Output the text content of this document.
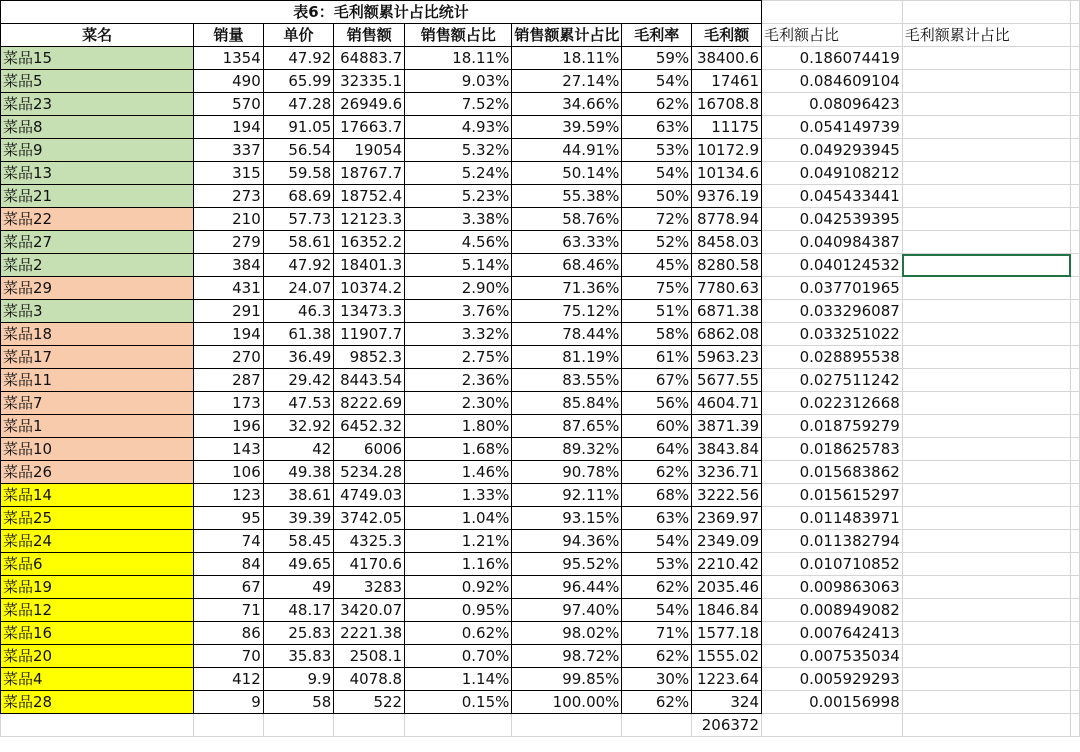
表6：毛利额累计占比统计										
菜名	销量	单价	销售额	销售额占比	销售额累计占比	毛利率	毛利额	毛利额占比	毛利额累计占比	
菜品15	1354	47.92	64883.7	18.11%	18.11%	59%	38400.6	0.186074419		
菜品5	490	65.99	32335.1	9.03%	27.14%	54%	17461	0.084609104		
菜品23	570	47.28	26949.6	7.52%	34.66%	62%	16708.8	0.08096423		
菜品8	194	91.05	17663.7	4.93%	39.59%	63%	11175	0.054149739		
菜品9	337	56.54	19054	5.32%	44.91%	53%	10172.9	0.049293945		
菜品13	315	59.58	18767.7	5.24%	50.14%	54%	10134.6	0.049108212		
菜品21	273	68.69	18752.4	5.23%	55.38%	50%	9376.19	0.045433441		
菜品22	210	57.73	12123.3	3.38%	58.76%	72%	8778.94	0.042539395		
菜品27	279	58.61	16352.2	4.56%	63.33%	52%	8458.03	0.040984387		
菜品2	384	47.92	18401.3	5.14%	68.46%	45%	8280.58	0.040124532		
菜品29	431	24.07	10374.2	2.90%	71.36%	75%	7780.63	0.037701965		
菜品3	291	46.3	13473.3	3.76%	75.12%	51%	6871.38	0.033296087		
菜品18	194	61.38	11907.7	3.32%	78.44%	58%	6862.08	0.033251022		
菜品17	270	36.49	9852.3	2.75%	81.19%	61%	5963.23	0.028895538		
菜品11	287	29.42	8443.54	2.36%	83.55%	67%	5677.55	0.027511242		
菜品7	173	47.53	8222.69	2.30%	85.84%	56%	4604.71	0.022312668		
菜品1	196	32.92	6452.32	1.80%	87.65%	60%	3871.39	0.018759279		
菜品10	143	42	6006	1.68%	89.32%	64%	3843.84	0.018625783		
菜品26	106	49.38	5234.28	1.46%	90.78%	62%	3236.71	0.015683862		
菜品14	123	38.61	4749.03	1.33%	92.11%	68%	3222.56	0.015615297		
菜品25	95	39.39	3742.05	1.04%	93.15%	63%	2369.97	0.011483971		
菜品24	74	58.45	4325.3	1.21%	94.36%	54%	2349.09	0.011382794		
菜品6	84	49.65	4170.6	1.16%	95.52%	53%	2210.42	0.010710852		
菜品19	67	49	3283	0.92%	96.44%	62%	2035.46	0.009863063		
菜品12	71	48.17	3420.07	0.95%	97.40%	54%	1846.84	0.008949082		
菜品16	86	25.83	2221.38	0.62%	98.02%	71%	1577.18	0.007642413		
菜品20	70	35.83	2508.1	0.70%	98.72%	62%	1555.02	0.007535034		
菜品4	412	9.9	4078.8	1.14%	99.85%	30%	1223.64	0.005929293		
菜品28	9	58	522	0.15%	100.00%	62%	324	0.00156998		
							206372			
